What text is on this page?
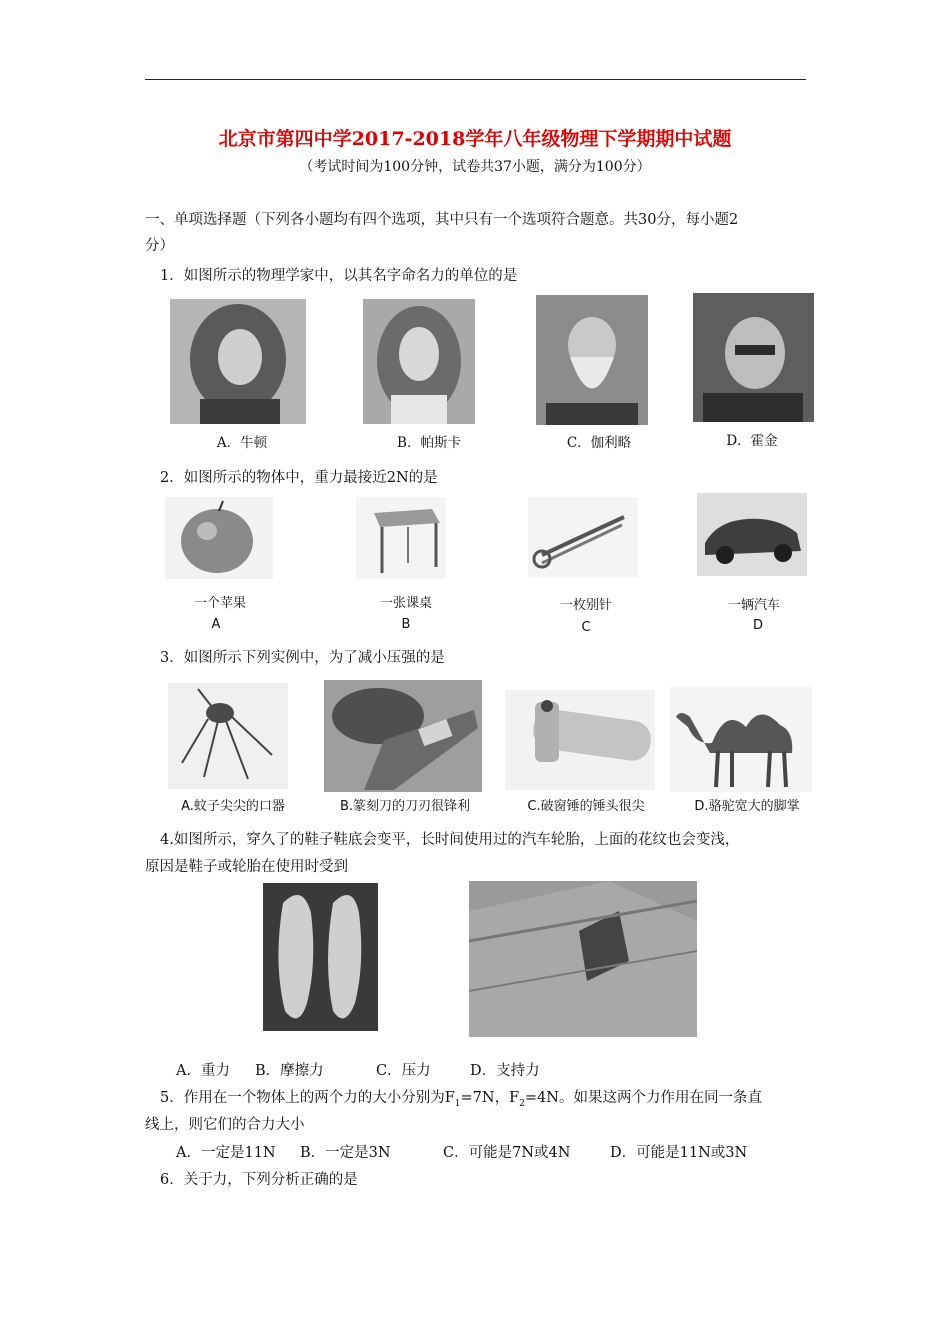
北京市第四中学2017-2018学年八年级物理下学期期中试题
（考试时间为100分钟，试卷共37小题，满分为100分）
一、单项选择题（下列各小题均有四个选项，其中只有一个选项符合题意。共30分，每小题2
分）
1．如图所示的物理学家中，以其名字命名力的单位的是
A．牛顿	B．帕斯卡	C．伽利略	D．霍金
2．如图所示的物体中，重力最接近2N的是
一个苹果	一张课桌	一枚别针	一辆汽车
A	B	C	D
3．如图所示下列实例中，为了减小压强的是
A.蚊子尖尖的口器	B.篆刻刀的刀刃很锋利	C.破窗锤的锤头很尖	D.骆驼宽大的脚掌
4.如图所示，穿久了的鞋子鞋底会变平，长时间使用过的汽车轮胎，上面的花纹也会变浅，
原因是鞋子或轮胎在使用时受到
A．重力 B．摩擦力	C．压力	D．支持力
5．作用在一个物体上的两个力的大小分别为$F_1=7N$，$F_2=4N$。如果这两个力作用在同一条直
线上，则它们的合力大小
A．一定是11N B．一定是3N	C．可能是7N或4N	D．可能是11N或3N
6．关于力，下列分析正确的是
